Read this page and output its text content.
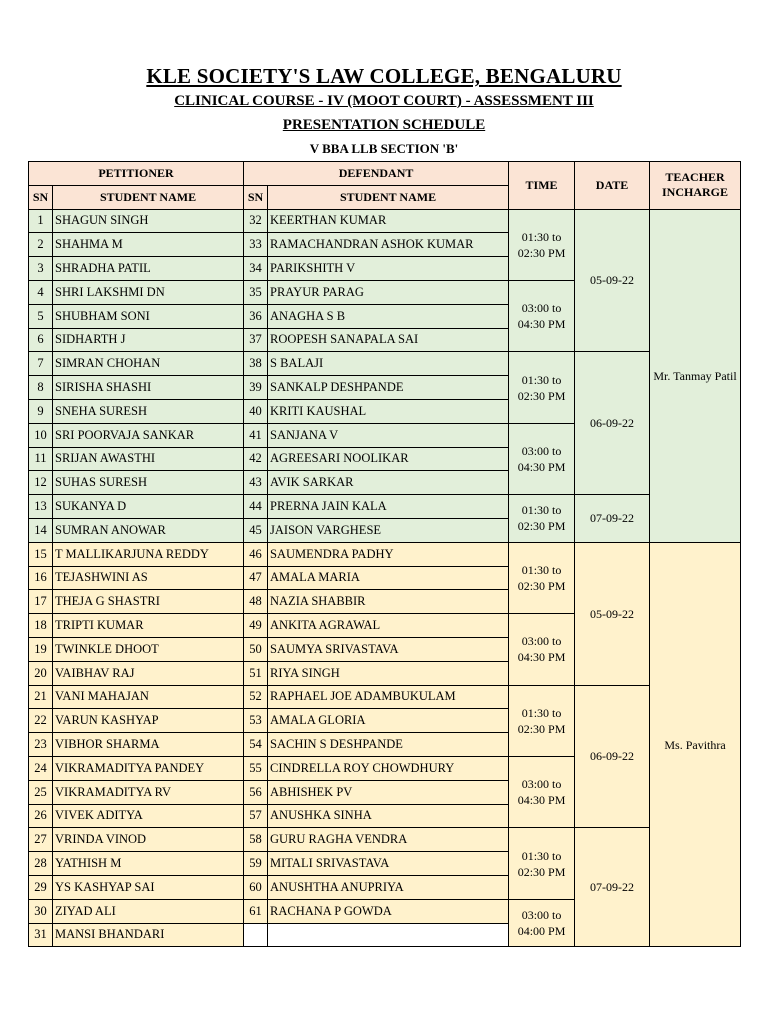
KLE SOCIETY'S LAW COLLEGE, BENGALURU
CLINICAL COURSE - IV (MOOT COURT) - ASSESSMENT III
PRESENTATION SCHEDULE
V BBA LLB SECTION 'B'
PETITIONER		DEFENDANT		TIME	DATE	TEACHER INCHARGE
SN	STUDENT NAME	SN	STUDENT NAME			
1	SHAGUN SINGH	32	KEERTHAN KUMAR	01:30 to 02:30 PM	05-09-22	Mr. Tanmay Patil
2	SHAHMA M	33	RAMACHANDRAN ASHOK KUMAR			
3	SHRADHA PATIL	34	PARIKSHITH V			
4	SHRI LAKSHMI DN	35	PRAYUR PARAG	03:00 to 04:30 PM		
5	SHUBHAM SONI	36	ANAGHA S B			
6	SIDHARTH J	37	ROOPESH SANAPALA SAI			
7	SIMRAN CHOHAN	38	S BALAJI	01:30 to 02:30 PM	06-09-22	
8	SIRISHA SHASHI	39	SANKALP DESHPANDE			
9	SNEHA SURESH	40	KRITI KAUSHAL			
10	SRI POORVAJA SANKAR	41	SANJANA V	03:00 to 04:30 PM		
11	SRIJAN AWASTHI	42	AGREESARI NOOLIKAR			
12	SUHAS SURESH	43	AVIK SARKAR			
13	SUKANYA D	44	PRERNA JAIN KALA	01:30 to 02:30 PM	07-09-22	
14	SUMRAN ANOWAR	45	JAISON VARGHESE			
15	T MALLIKARJUNA REDDY	46	SAUMENDRA PADHY	01:30 to 02:30 PM	05-09-22	Ms. Pavithra
16	TEJASHWINI AS	47	AMALA MARIA			
17	THEJA G SHASTRI	48	NAZIA SHABBIR			
18	TRIPTI KUMAR	49	ANKITA AGRAWAL	03:00 to 04:30 PM		
19	TWINKLE DHOOT	50	SAUMYA SRIVASTAVA			
20	VAIBHAV RAJ	51	RIYA SINGH			
21	VANI MAHAJAN	52	RAPHAEL JOE ADAMBUKULAM	01:30 to 02:30 PM	06-09-22	
22	VARUN KASHYAP	53	AMALA GLORIA			
23	VIBHOR SHARMA	54	SACHIN S DESHPANDE			
24	VIKRAMADITYA PANDEY	55	CINDRELLA ROY CHOWDHURY	03:00 to 04:30 PM		
25	VIKRAMADITYA RV	56	ABHISHEK PV			
26	VIVEK ADITYA	57	ANUSHKA SINHA			
27	VRINDA VINOD	58	GURU RAGHA VENDRA	01:30 to 02:30 PM	07-09-22	
28	YATHISH M	59	MITALI SRIVASTAVA			
29	YS KASHYAP SAI	60	ANUSHTHA ANUPRIYA			
30	ZIYAD ALI	61	RACHANA P GOWDA	03:00 to 04:00 PM		
31	MANSI BHANDARI					
